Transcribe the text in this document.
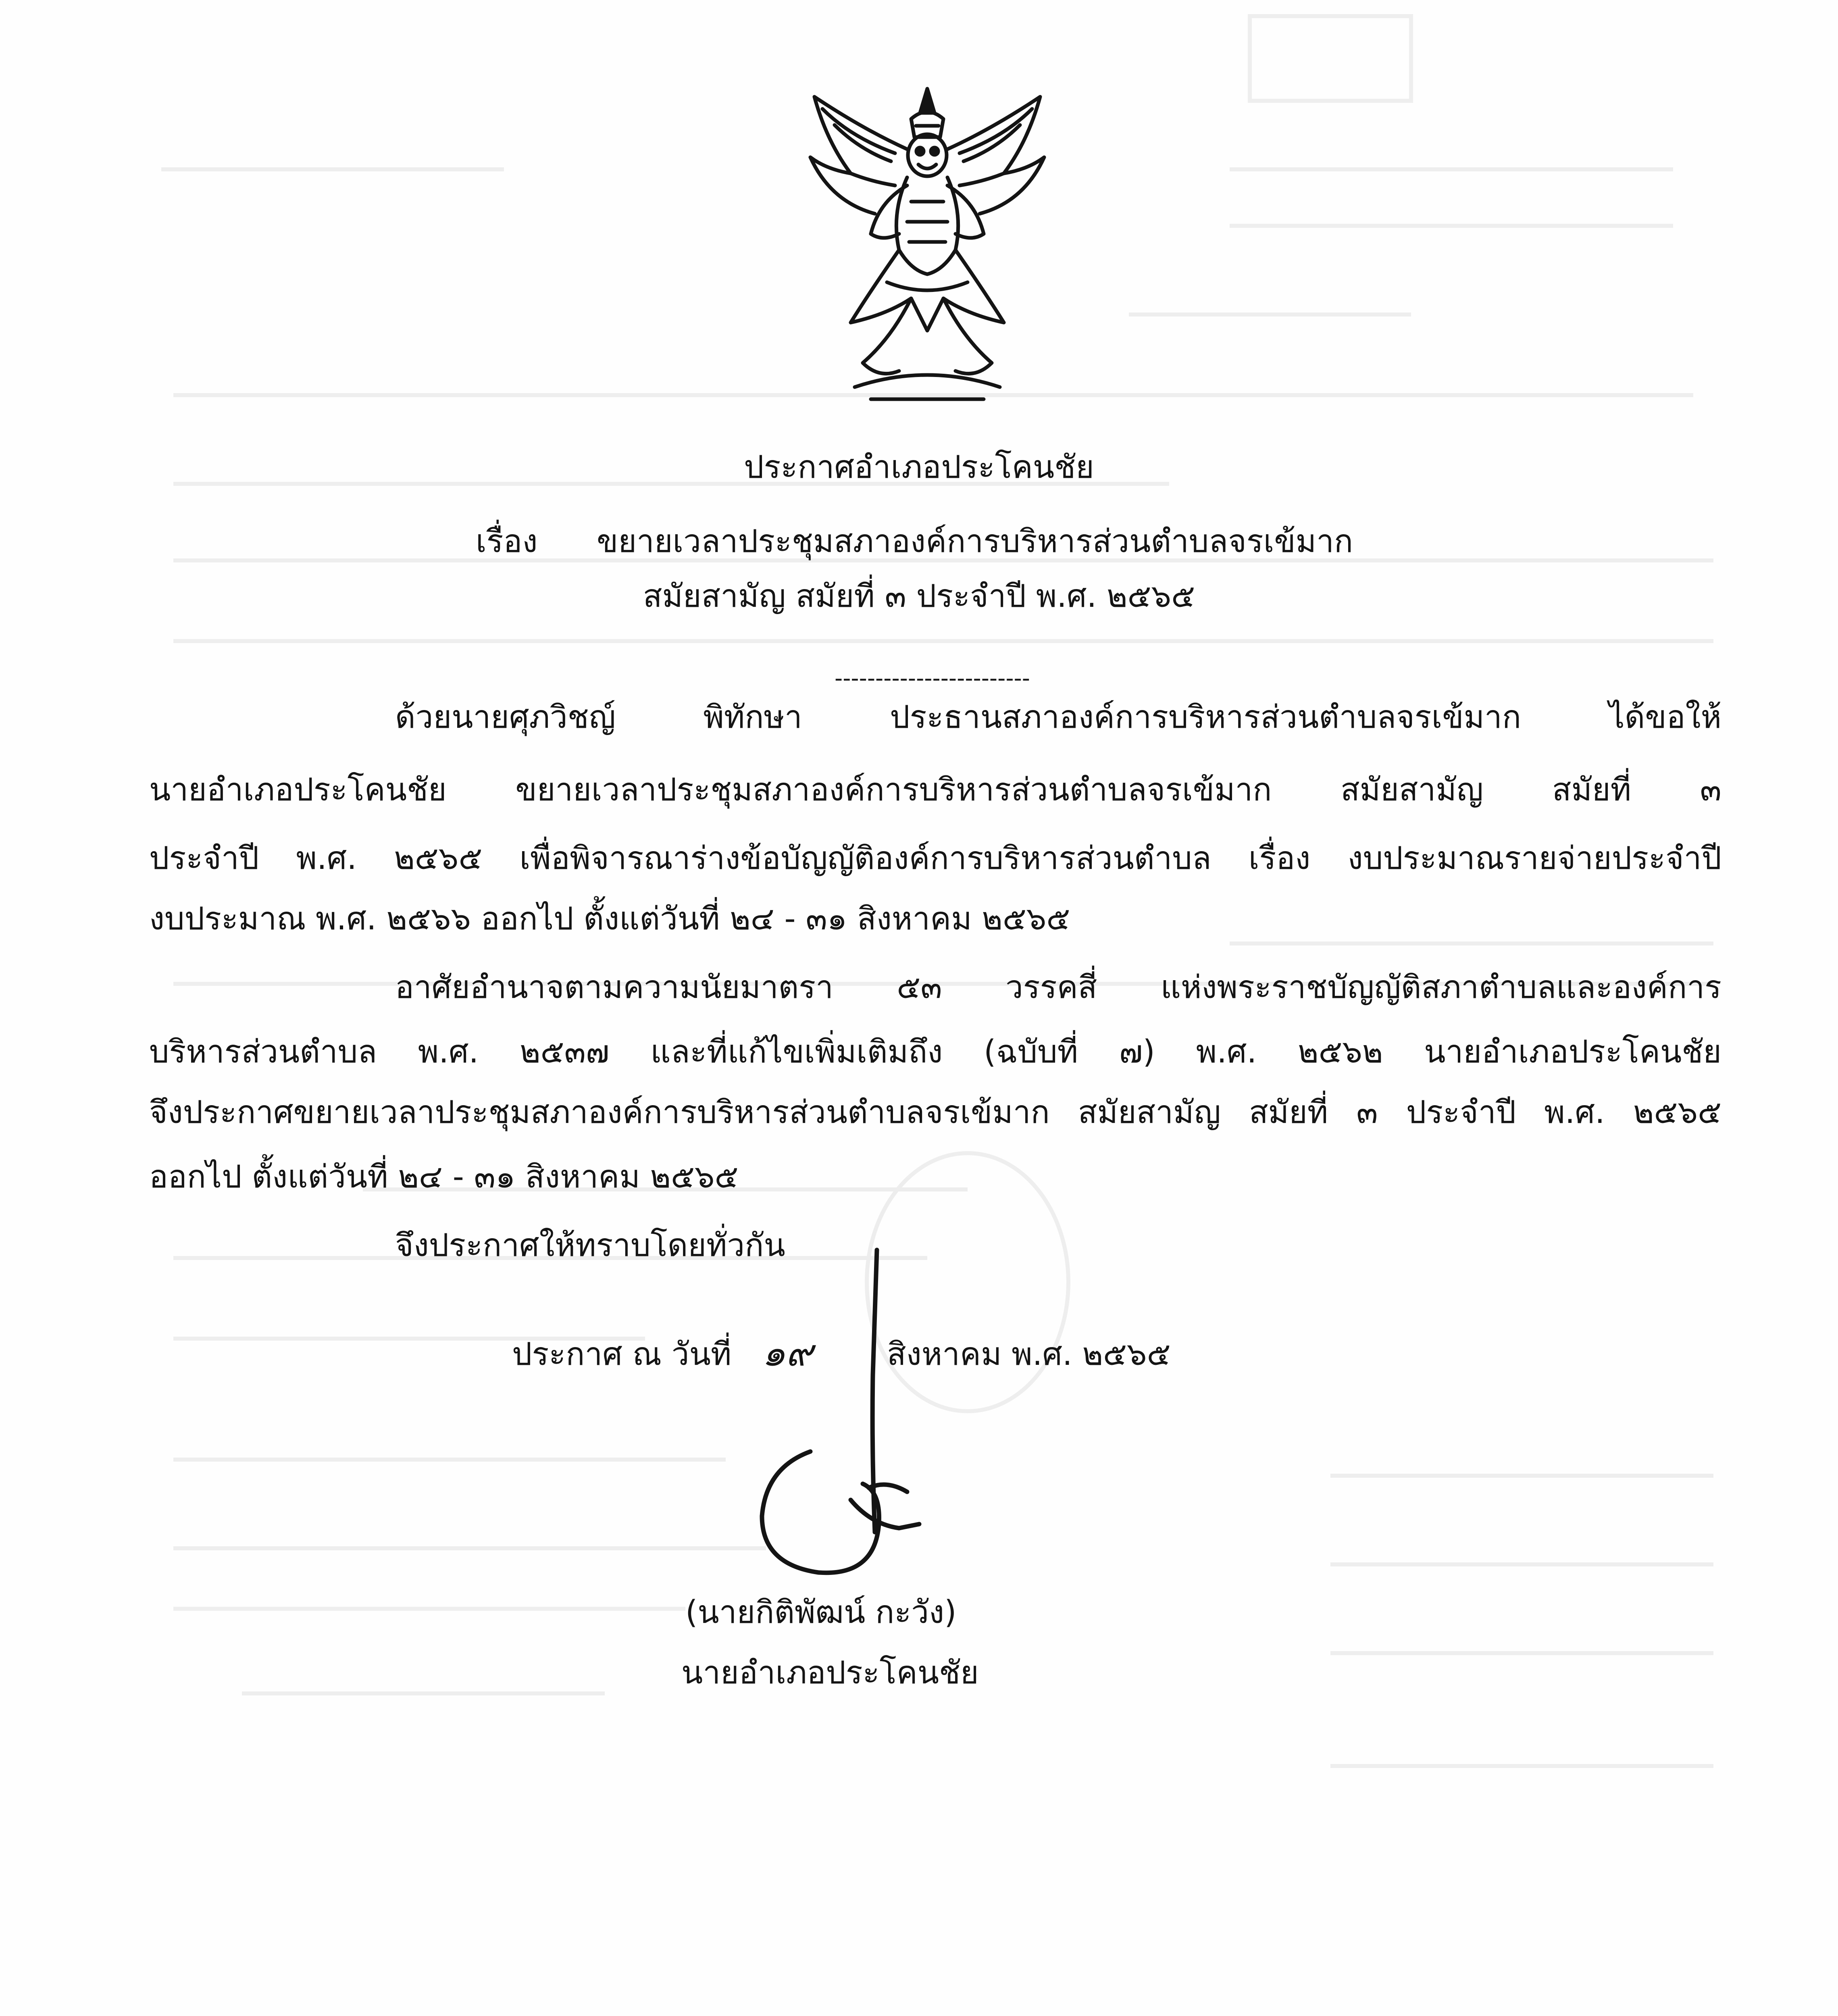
ประกาศอำเภอประโคนชัย
เรื่อง ขยายเวลาประชุมสภาองค์การบริหารส่วนตำบลจรเข้มาก
สมัยสามัญ สมัยที่ ๓ ประจำปี พ.ศ. ๒๕๖๕
------------------------
ด้วยนายศุภวิชญ์ พิทักษา ประธานสภาองค์การบริหารส่วนตำบลจรเข้มาก ได้ขอให้
นายอำเภอประโคนชัย ขยายเวลาประชุมสภาองค์การบริหารส่วนตำบลจรเข้มาก สมัยสามัญ สมัยที่ ๓
ประจำปี พ.ศ. ๒๕๖๕ เพื่อพิจารณาร่างข้อบัญญัติองค์การบริหารส่วนตำบล เรื่อง งบประมาณรายจ่ายประจำปี
งบประมาณ พ.ศ. ๒๕๖๖ ออกไป ตั้งแต่วันที่ ๒๔ - ๓๑ สิงหาคม ๒๕๖๕
อาศัยอำนาจตามความนัยมาตรา ๕๓ วรรคสี่ แห่งพระราชบัญญัติสภาตำบลและองค์การ
บริหารส่วนตำบล พ.ศ. ๒๕๓๗ และที่แก้ไขเพิ่มเติมถึง (ฉบับที่ ๗) พ.ศ. ๒๕๖๒ นายอำเภอประโคนชัย
จึงประกาศขยายเวลาประชุมสภาองค์การบริหารส่วนตำบลจรเข้มาก สมัยสามัญ สมัยที่ ๓ ประจำปี พ.ศ. ๒๕๖๕
ออกไป ตั้งแต่วันที่ ๒๔ - ๓๑ สิงหาคม ๒๕๖๕
จึงประกาศให้ทราบโดยทั่วกัน
ประกาศ ณ วันที่ ๑๙ สิงหาคม พ.ศ. ๒๕๖๕
(นายกิติพัฒน์ กะวัง)
นายอำเภอประโคนชัย
